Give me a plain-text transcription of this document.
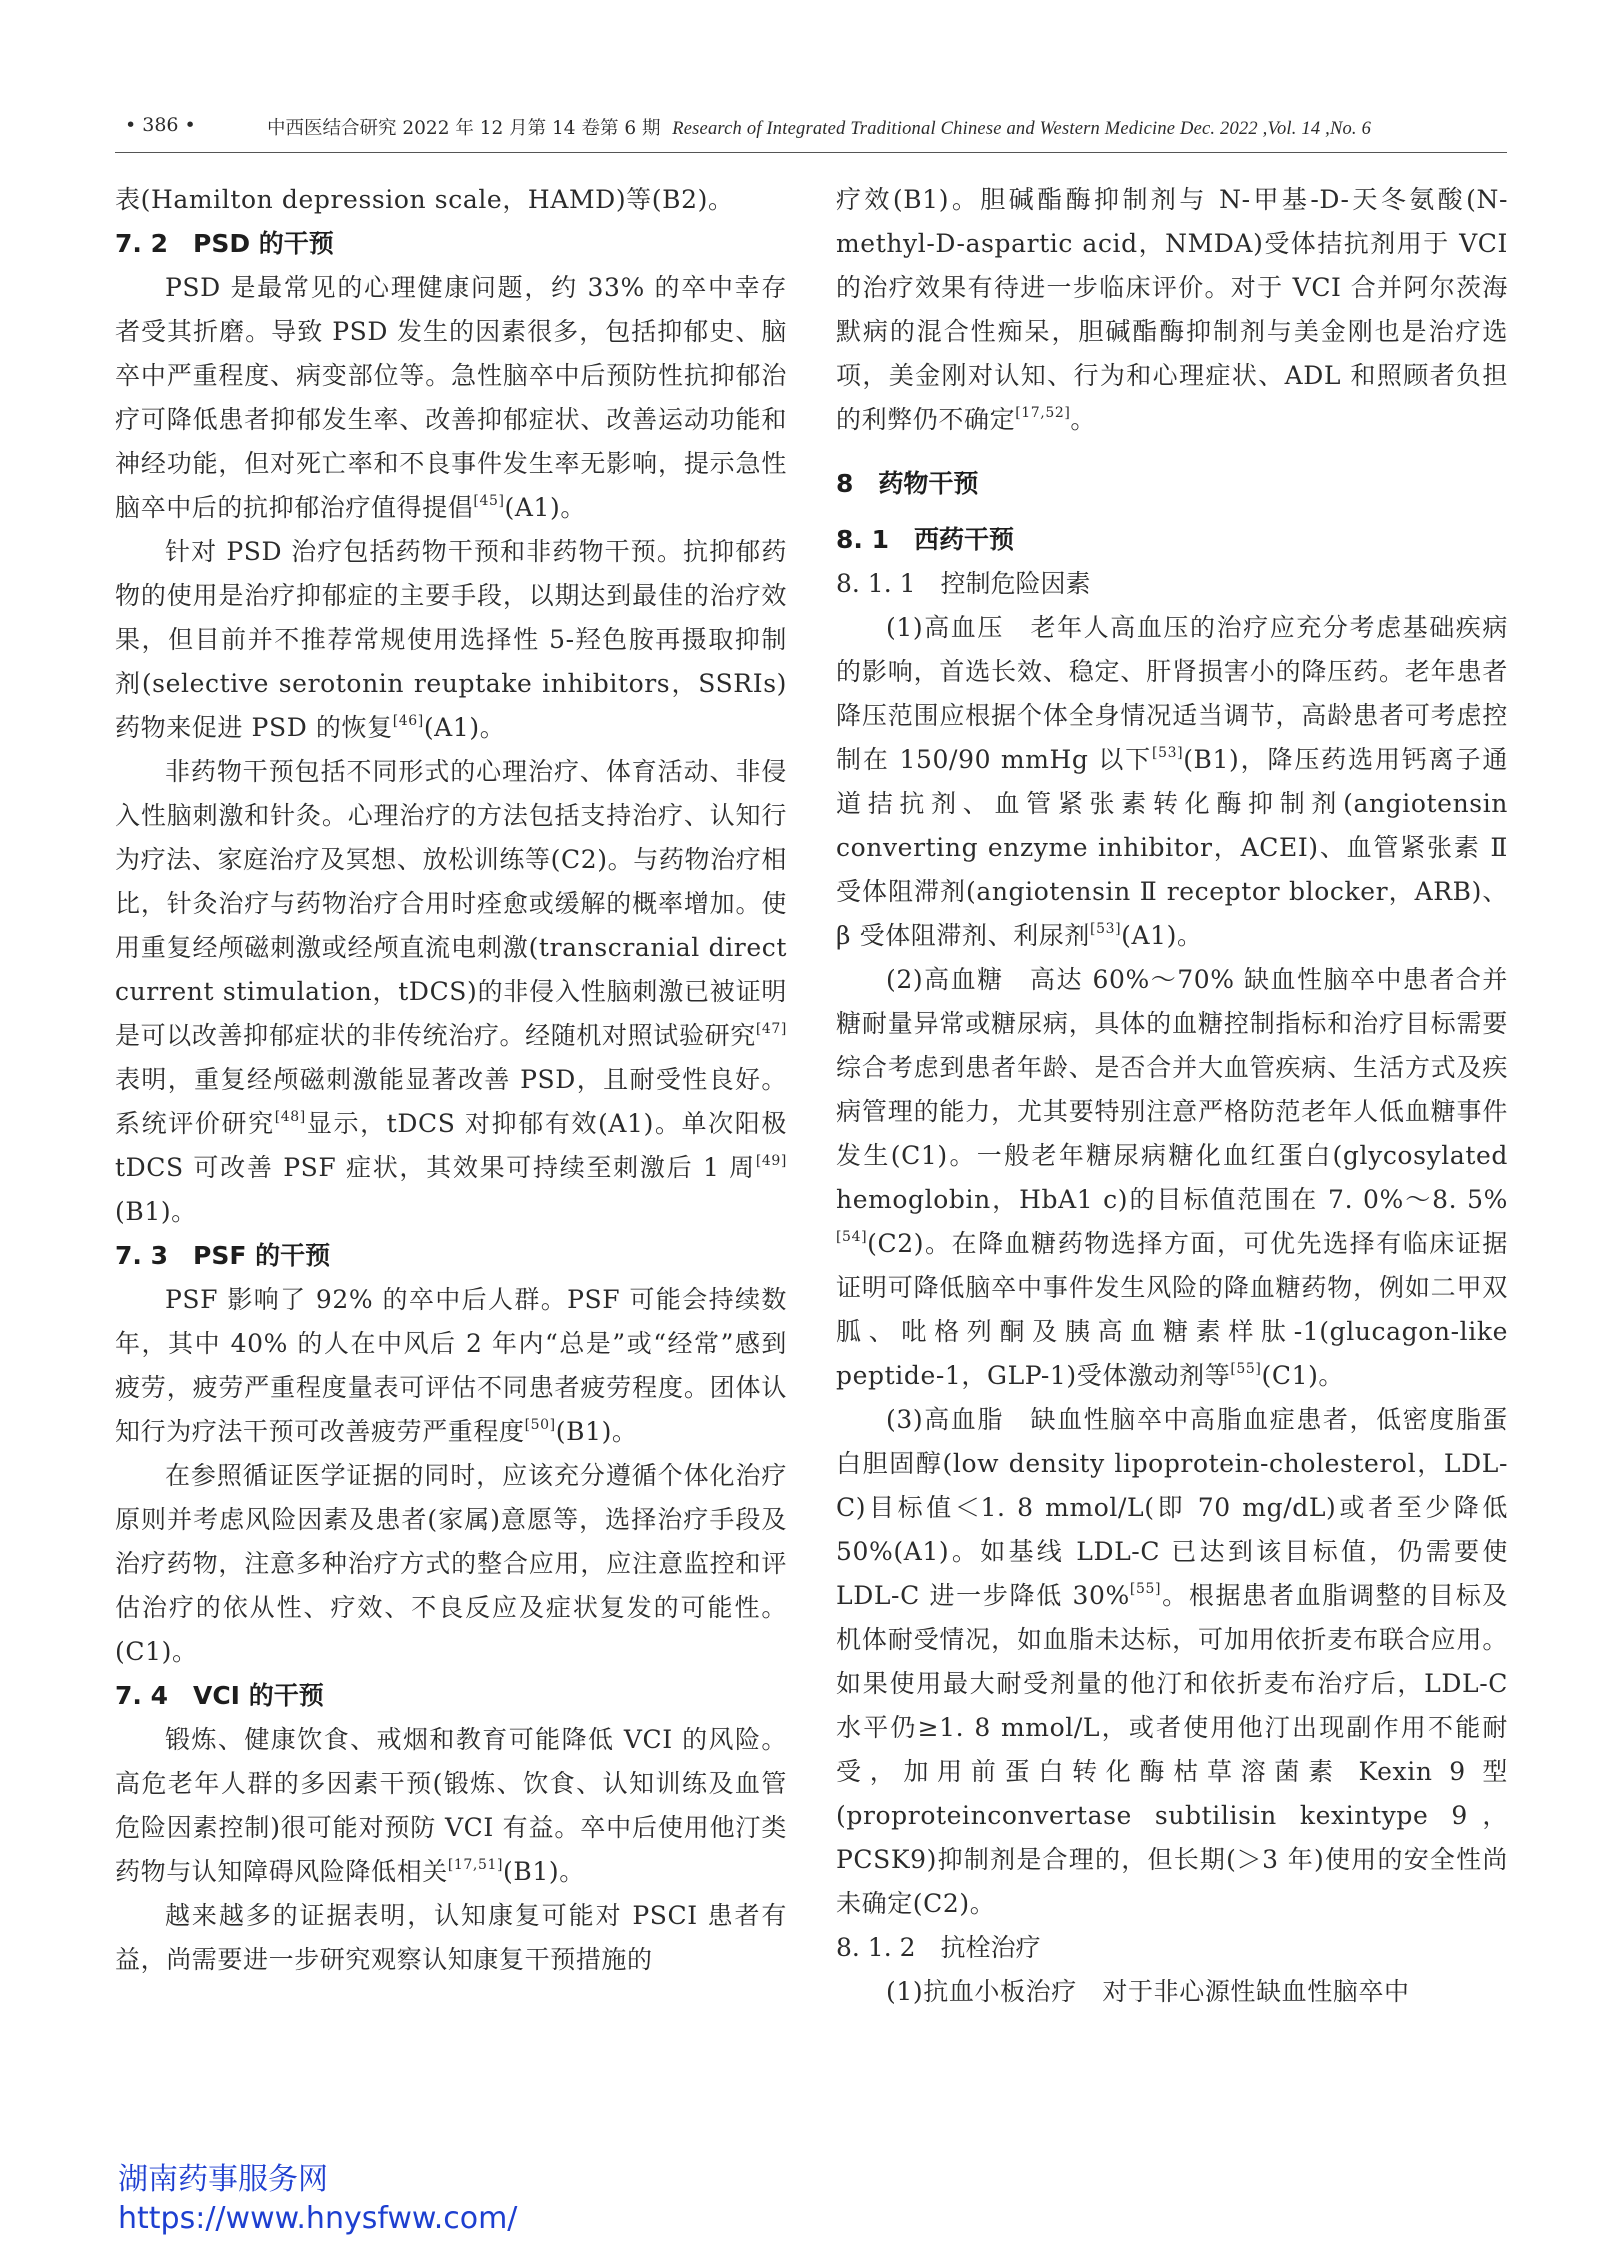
• 386 •	中西医结合研究 2022 年 12 月第 14 卷第 6 期 Research of Integrated Traditional Chinese and Western Medicine Dec. 2022 ,Vol. 14 ,No. 6

表(Hamilton depression scale，HAMD)等(B2)。

7. 2　PSD 的干预

PSD 是最常见的心理健康问题，约 33% 的卒中幸存者受其折磨。导致 PSD 发生的因素很多，包括抑郁史、脑卒中严重程度、病变部位等。急性脑卒中后预防性抗抑郁治疗可降低患者抑郁发生率、改善抑郁症状、改善运动功能和神经功能，但对死亡率和不良事件发生率无影响，提示急性脑卒中后的抗抑郁治疗值得提倡[45](A1)。

针对 PSD 治疗包括药物干预和非药物干预。抗抑郁药物的使用是治疗抑郁症的主要手段，以期达到最佳的治疗效果，但目前并不推荐常规使用选择性 5-羟色胺再摄取抑制剂(selective serotonin reuptake inhibitors，SSRIs)药物来促进 PSD 的恢复[46](A1)。

非药物干预包括不同形式的心理治疗、体育活动、非侵入性脑刺激和针灸。心理治疗的方法包括支持治疗、认知行为疗法、家庭治疗及冥想、放松训练等(C2)。与药物治疗相比，针灸治疗与药物治疗合用时痊愈或缓解的概率增加。使用重复经颅磁刺激或经颅直流电刺激(transcranial direct current stimulation，tDCS)的非侵入性脑刺激已被证明是可以改善抑郁症状的非传统治疗。经随机对照试验研究[47]表明，重复经颅磁刺激能显著改善 PSD，且耐受性良好。系统评价研究[48]显示，tDCS 对抑郁有效(A1)。单次阳极 tDCS 可改善 PSF 症状，其效果可持续至刺激后 1 周[49](B1)。

7. 3　PSF 的干预

PSF 影响了 92% 的卒中后人群。PSF 可能会持续数年，其中 40% 的人在中风后 2 年内“总是”或“经常”感到疲劳，疲劳严重程度量表可评估不同患者疲劳程度。团体认知行为疗法干预可改善疲劳严重程度[50](B1)。

在参照循证医学证据的同时，应该充分遵循个体化治疗原则并考虑风险因素及患者(家属)意愿等，选择治疗手段及治疗药物，注意多种治疗方式的整合应用，应注意监控和评估治疗的依从性、疗效、不良反应及症状复发的可能性。(C1)。

7. 4　VCI 的干预

锻炼、健康饮食、戒烟和教育可能降低 VCI 的风险。高危老年人群的多因素干预(锻炼、饮食、认知训练及血管危险因素控制)很可能对预防 VCI 有益。卒中后使用他汀类药物与认知障碍风险降低相关[17,51](B1)。

越来越多的证据表明，认知康复可能对 PSCI 患者有益，尚需要进一步研究观察认知康复干预措施的

疗效(B1)。胆碱酯酶抑制剂与 N-甲基-D-天冬氨酸(N-methyl-D-aspartic acid，NMDA)受体拮抗剂用于 VCI 的治疗效果有待进一步临床评价。对于 VCI 合并阿尔茨海默病的混合性痴呆，胆碱酯酶抑制剂与美金刚也是治疗选项，美金刚对认知、行为和心理症状、ADL 和照顾者负担的利弊仍不确定[17,52]。

8　药物干预

8. 1　西药干预

8. 1. 1　控制危险因素

(1)高血压　老年人高血压的治疗应充分考虑基础疾病的影响，首选长效、稳定、肝肾损害小的降压药。老年患者降压范围应根据个体全身情况适当调节，高龄患者可考虑控制在 150/90 mmHg 以下[53](B1)，降压药选用钙离子通道拮抗剂、血管紧张素转化酶抑制剂(angiotensin converting enzyme inhibitor，ACEI)、血管紧张素 Ⅱ 受体阻滞剂(angiotensin Ⅱ receptor blocker，ARB)、β 受体阻滞剂、利尿剂[53](A1)。

(2)高血糖　高达 60%～70% 缺血性脑卒中患者合并糖耐量异常或糖尿病，具体的血糖控制指标和治疗目标需要综合考虑到患者年龄、是否合并大血管疾病、生活方式及疾病管理的能力，尤其要特别注意严格防范老年人低血糖事件发生(C1)。一般老年糖尿病糖化血红蛋白(glycosylated hemoglobin，HbA1 c)的目标值范围在 7. 0%～8. 5%[54](C2)。在降血糖药物选择方面，可优先选择有临床证据证明可降低脑卒中事件发生风险的降血糖药物，例如二甲双胍、吡格列酮及胰高血糖素样肽-1(glucagon-like peptide-1，GLP-1)受体激动剂等[55](C1)。

(3)高血脂　缺血性脑卒中高脂血症患者，低密度脂蛋白胆固醇(low density lipoprotein-cholesterol，LDL-C)目标值＜1. 8 mmol/L(即 70 mg/dL)或者至少降低 50%(A1)。如基线 LDL-C 已达到该目标值，仍需要使 LDL-C 进一步降低 30%[55]。根据患者血脂调整的目标及机体耐受情况，如血脂未达标，可加用依折麦布联合应用。如果使用最大耐受剂量的他汀和依折麦布治疗后，LDL-C 水平仍≥1. 8 mmol/L，或者使用他汀出现副作用不能耐受，加用前蛋白转化酶枯草溶菌素 Kexin 9 型(proproteinconvertase subtilisin kexintype 9，PCSK9)抑制剂是合理的，但长期(＞3 年)使用的安全性尚未确定(C2)。

8. 1. 2　抗栓治疗

(1)抗血小板治疗　对于非心源性缺血性脑卒中

湖南药事服务网
https://www.hnysfww.com/
